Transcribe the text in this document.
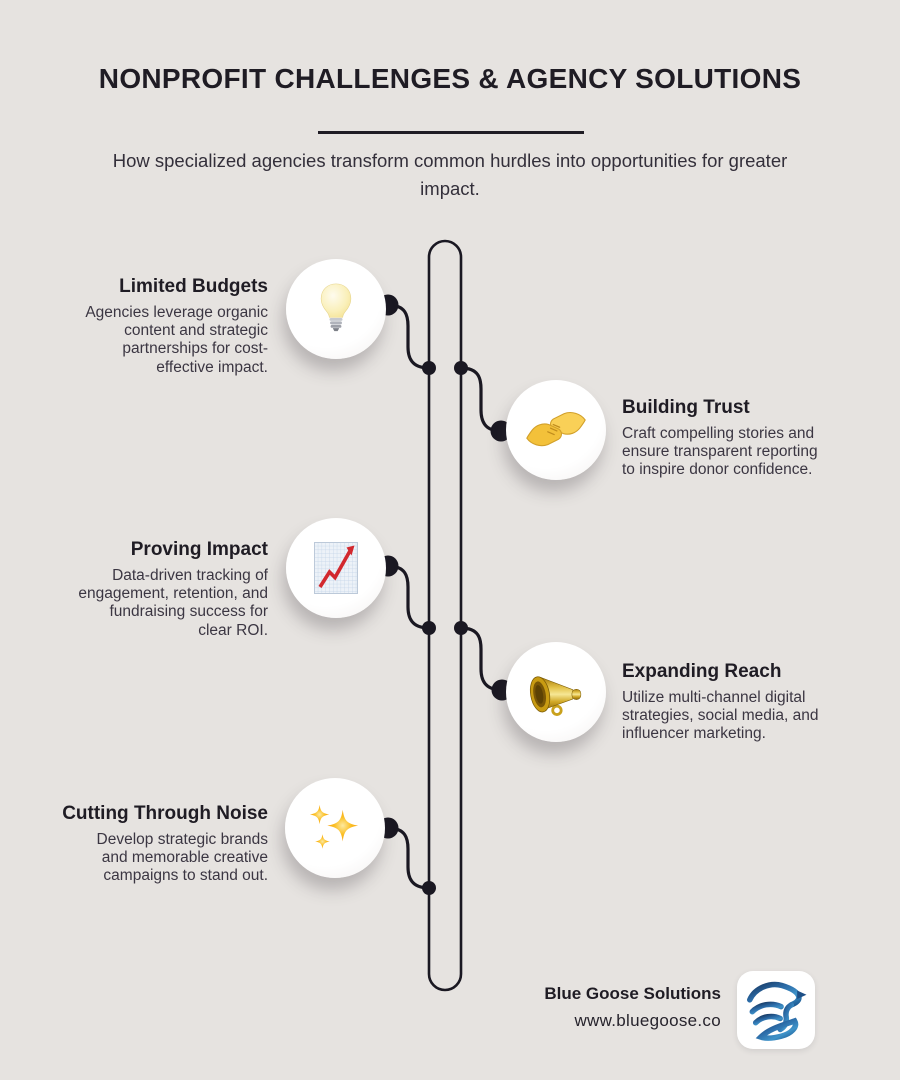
NONPROFIT CHALLENGES & AGENCY SOLUTIONS

How specialized agencies transform common hurdles into opportunities for greater impact.

Limited Budgets

Agencies leverage organic content and strategic partnerships for cost-effective impact.

Building Trust

Craft compelling stories and ensure transparent reporting to inspire donor confidence.

Proving Impact

Data-driven tracking of engagement, retention, and fundraising success for clear ROI.

Expanding Reach

Utilize multi-channel digital strategies, social media, and influencer marketing.

Cutting Through Noise

Develop strategic brands and memorable creative campaigns to stand out.

Blue Goose Solutions

www.bluegoose.co
